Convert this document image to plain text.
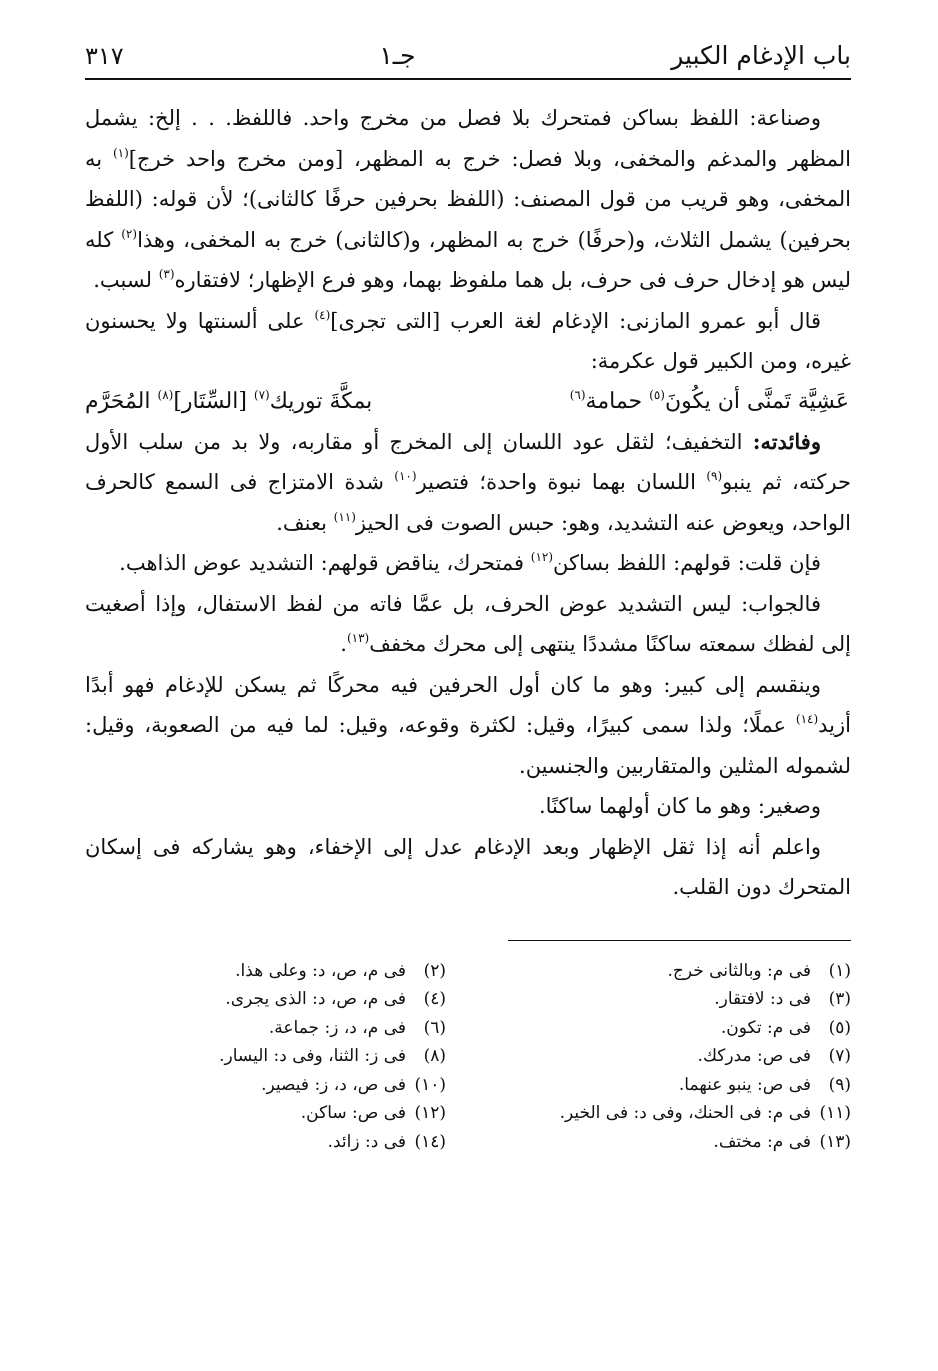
باب الإدغام الكبير
جـ١
٣١٧

وصناعة: اللفظ بساكن فمتحرك بلا فصل من مخرج واحد. فاللفظ. . . إلخ: يشمل المظهر والمدغم والمخفى، وبلا فصل: خرج به المظهر، [ومن مخرج واحد خرج]$^{(١)}$ به المخفى، وهو قريب من قول المصنف: (اللفظ بحرفين حرفًا كالثانى)؛ لأن قوله: (اللفظ بحرفين) يشمل الثلاث، و(حرفًا) خرج به المظهر، و(كالثانى) خرج به المخفى، وهذا$^{(٢)}$ كله ليس هو إدخال حرف فى حرف، بل هما ملفوظ بهما، وهو فرع الإظهار؛ لافتقاره$^{(٣)}$ لسبب.

قال أبو عمرو المازنى: الإدغام لغة العرب [التى تجرى]$^{(٤)}$ على ألسنتها ولا يحسنون غيره، ومن الكبير قول عكرمة:

عَشِيَّة تَمنَّى أن يكُونَ$^{(٥)}$ حمامة$^{(٦)}$
بمكَّةَ توريك$^{(٧)}$ [السِّتَار]$^{(٨)}$ المُحَرَّم

وفائدته: التخفيف؛ لثقل عود اللسان إلى المخرج أو مقاربه، ولا بد من سلب الأول حركته، ثم ينبو$^{(٩)}$ اللسان بهما نبوة واحدة؛ فتصير$^{(١٠)}$ شدة الامتزاج فى السمع كالحرف الواحد، ويعوض عنه التشديد، وهو: حبس الصوت فى الحيز$^{(١١)}$ بعنف.

فإن قلت: قولهم: اللفظ بساكن$^{(١٢)}$ فمتحرك، يناقض قولهم: التشديد عوض الذاهب.

فالجواب: ليس التشديد عوض الحرف، بل عمَّا فاته من لفظ الاستفال، وإذا أصغيت إلى لفظك سمعته ساكنًا مشددًا ينتهى إلى محرك مخفف$^{(١٣)}$.

وينقسم إلى كبير: وهو ما كان أول الحرفين فيه محركًا ثم يسكن للإدغام فهو أبدًا أزيد$^{(١٤)}$ عملًا؛ ولذا سمى كبيرًا، وقيل: لكثرة وقوعه، وقيل: لما فيه من الصعوبة، وقيل: لشموله المثلين والمتقاربين والجنسين.

وصغير: وهو ما كان أولهما ساكنًا.

واعلم أنه إذا ثقل الإظهار وبعد الإدغام عدل إلى الإخفاء، وهو يشاركه فى إسكان المتحرك دون القلب.

(١)
فى م: وبالثانى خرج.
(٣)
فى د: لافتقار.
(٥)
فى م: تكون.
(٧)
فى ص: مدركك.
(٩)
فى ص: ينبو عنهما.
(١١)
فى م: فى الحنك، وفى د: فى الخير.
(١٣)
فى م: مختف.
(٢)
فى م، ص، د: وعلى هذا.
(٤)
فى م، ص، د: الذى يجرى.
(٦)
فى م، د، ز: جماعة.
(٨)
فى ز: الثنا، وفى د: اليسار.
(١٠)
فى ص، د، ز: فيصير.
(١٢)
فى ص: ساكن.
(١٤)
فى د: زائد.
